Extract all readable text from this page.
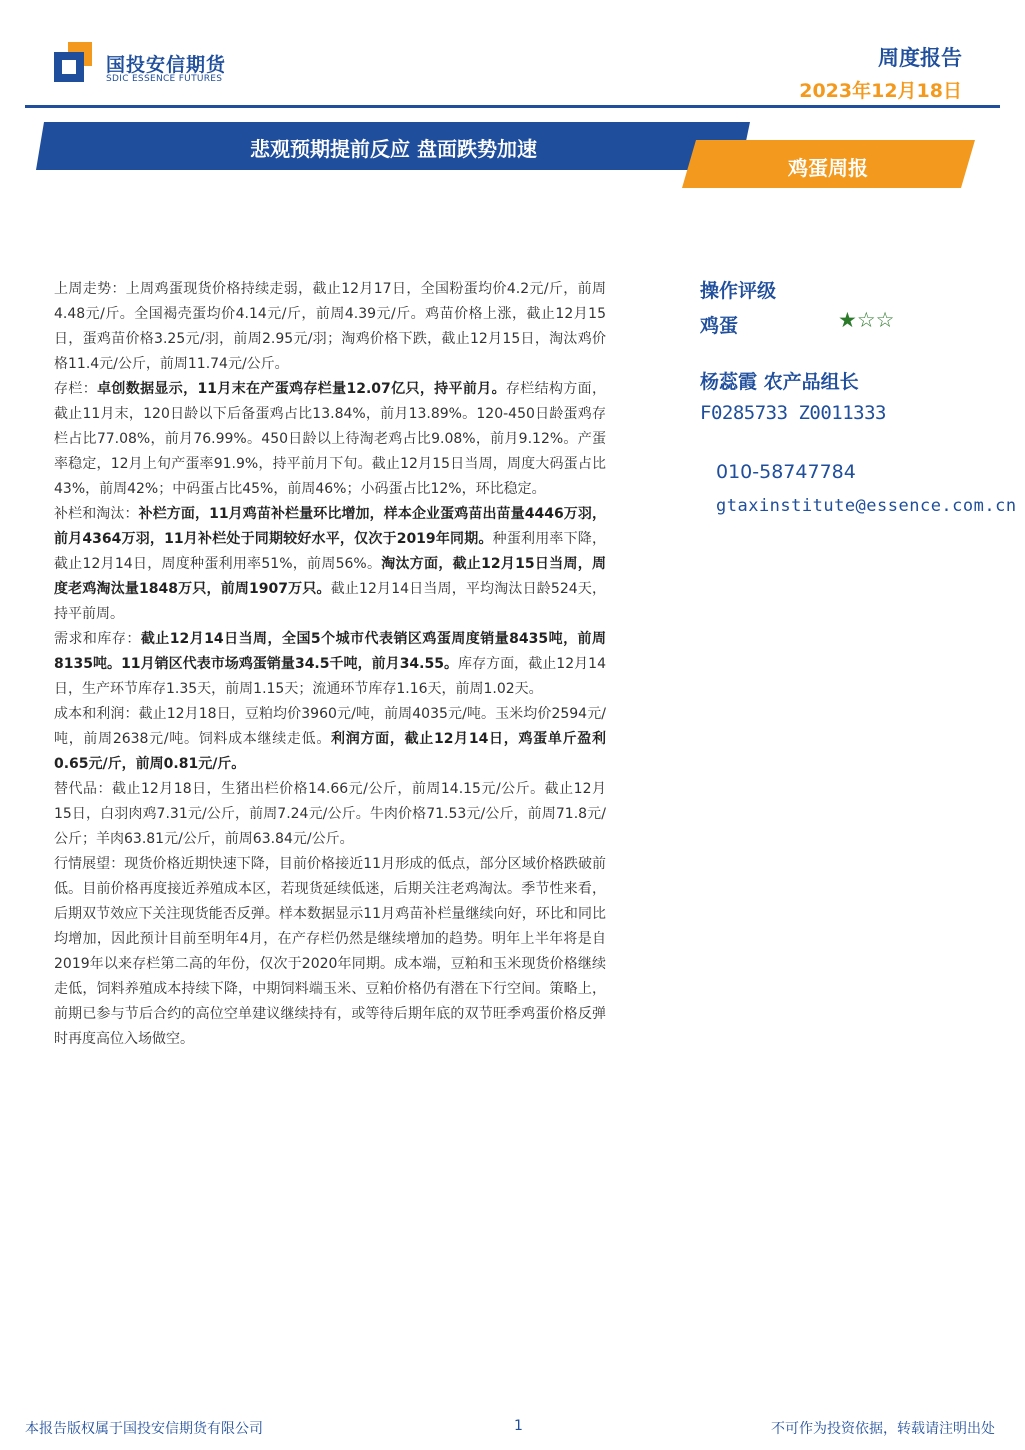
国投安信期货
SDIC ESSENCE FUTURES
周度报告
2023年12月18日
悲观预期提前反应 盘面跌势加速
鸡蛋周报

上周走势：上周鸡蛋现货价格持续走弱，截止12月17日，全国粉蛋均价4.2元/斤，前周4.48元/斤。全国褐壳蛋均价4.14元/斤，前周4.39元/斤。鸡苗价格上涨，截止12月15日，蛋鸡苗价格3.25元/羽，前周2.95元/羽；淘鸡价格下跌，截止12月15日，淘汰鸡价格11.4元/公斤，前周11.74元/公斤。

存栏：卓创数据显示，11月末在产蛋鸡存栏量12.07亿只，持平前月。存栏结构方面，截止11月末，120日龄以下后备蛋鸡占比13.84%，前月13.89%。120-450日龄蛋鸡存栏占比77.08%，前月76.99%。450日龄以上待淘老鸡占比9.08%，前月9.12%。产蛋率稳定，12月上旬产蛋率91.9%，持平前月下旬。截止12月15日当周，周度大码蛋占比43%，前周42%；中码蛋占比45%，前周46%；小码蛋占比12%，环比稳定。

补栏和淘汰：补栏方面，11月鸡苗补栏量环比增加，样本企业蛋鸡苗出苗量4446万羽，前月4364万羽，11月补栏处于同期较好水平，仅次于2019年同期。种蛋利用率下降，截止12月14日，周度种蛋利用率51%，前周56%。淘汰方面，截止12月15日当周，周度老鸡淘汰量1848万只，前周1907万只。截止12月14日当周，平均淘汰日龄524天，持平前周。

需求和库存：截止12月14日当周，全国5个城市代表销区鸡蛋周度销量8435吨，前周8135吨。11月销区代表市场鸡蛋销量34.5千吨，前月34.55。库存方面，截止12月14日，生产环节库存1.35天，前周1.15天；流通环节库存1.16天，前周1.02天。

成本和利润：截止12月18日，豆粕均价3960元/吨，前周4035元/吨。玉米均价2594元/吨，前周2638元/吨。饲料成本继续走低。利润方面，截止12月14日，鸡蛋单斤盈利0.65元/斤，前周0.81元/斤。

替代品：截止12月18日，生猪出栏价格14.66元/公斤，前周14.15元/公斤。截止12月15日，白羽肉鸡7.31元/公斤，前周7.24元/公斤。牛肉价格71.53元/公斤，前周71.8元/公斤；羊肉63.81元/公斤，前周63.84元/公斤。

行情展望：现货价格近期快速下降，目前价格接近11月形成的低点，部分区域价格跌破前低。目前价格再度接近养殖成本区，若现货延续低迷，后期关注老鸡淘汰。季节性来看，后期双节效应下关注现货能否反弹。样本数据显示11月鸡苗补栏量继续向好，环比和同比均增加，因此预计目前至明年4月，在产存栏仍然是继续增加的趋势。明年上半年将是自2019年以来存栏第二高的年份，仅次于2020年同期。成本端，豆粕和玉米现货价格继续走低，饲料养殖成本持续下降，中期饲料端玉米、豆粕价格仍有潜在下行空间。策略上，前期已参与节后合约的高位空单建议继续持有，或等待后期年底的双节旺季鸡蛋价格反弹时再度高位入场做空。

操作评级
鸡蛋	★☆☆
杨蕊霞 农产品组长
F0285733 Z0011333
010-58747784
gtaxinstitute@essence.com.cn
本报告版权属于国投安信期货有限公司	1	不可作为投资依据，转载请注明出处
